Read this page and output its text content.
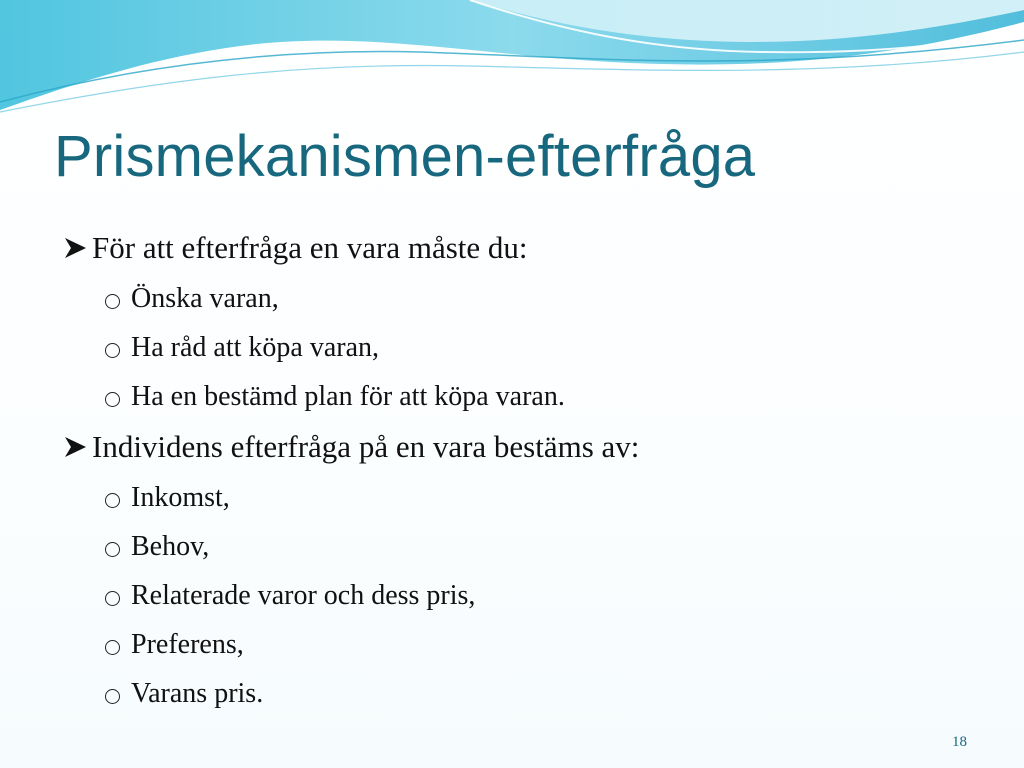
Prismekanismen-efterfråga
För att efterfråga en vara måste du:
Önska varan,
Ha råd att köpa varan,
Ha en bestämd plan för att köpa varan.
Individens efterfråga på en vara bestäms av:
Inkomst,
Behov,
Relaterade varor och dess pris,
Preferens,
Varans pris.
18
